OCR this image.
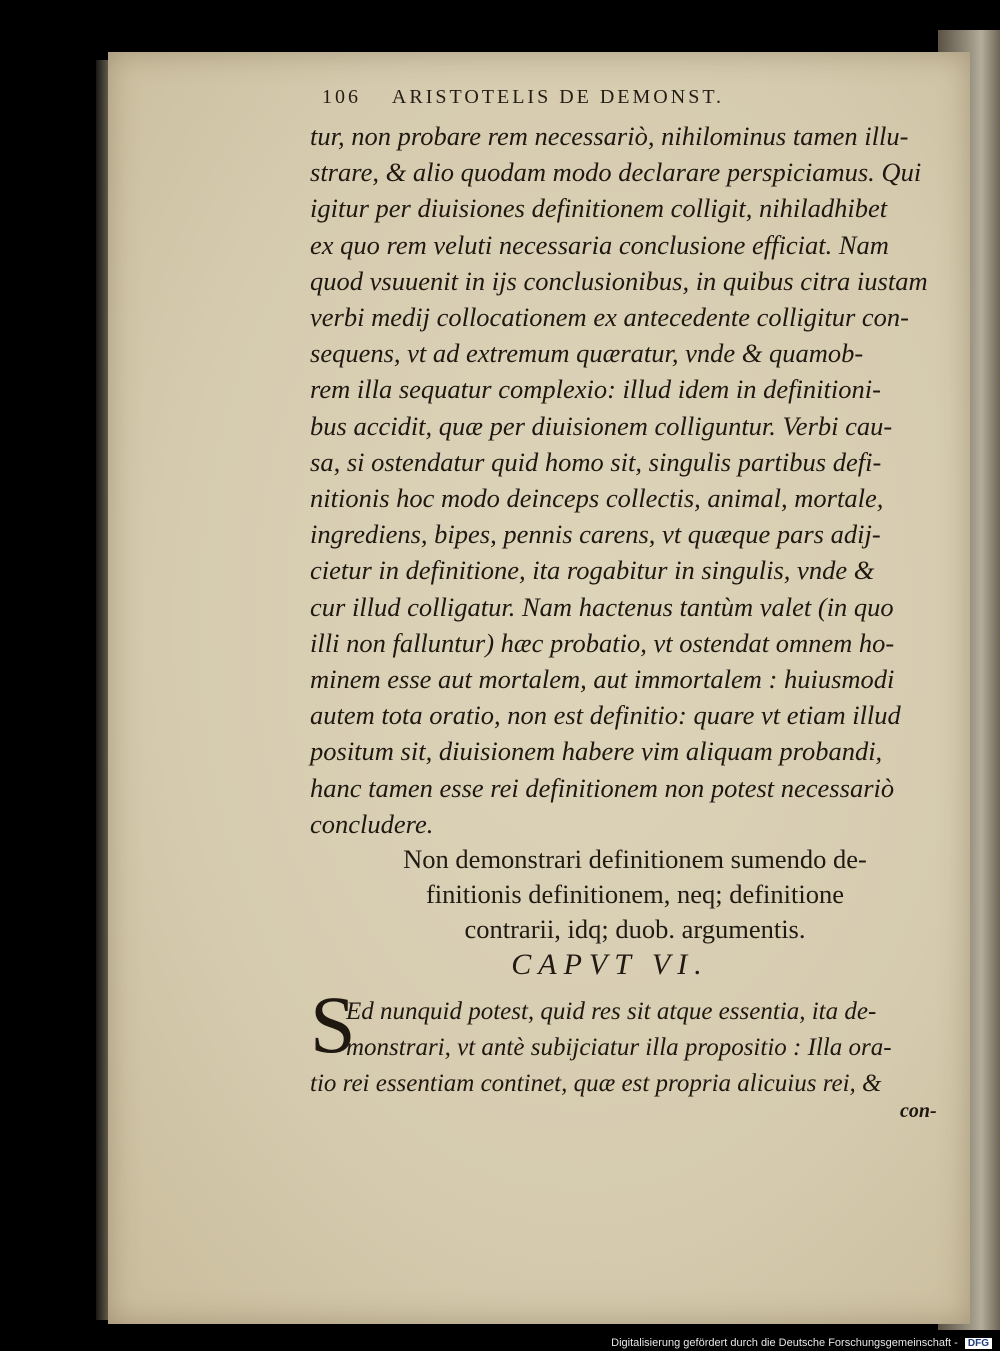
106 ARISTOTELIS DE DEMONST.
tur, non probare rem necessariò, nihilominus tamen illu-
strare, & alio quodam modo declarare perspiciamus. Qui
igitur per diuisiones definitionem colligit, nihiladhibet
ex quo rem veluti necessaria conclusione efficiat. Nam
quod vsuuenit in ijs conclusionibus, in quibus citra iustam
verbi medij collocationem ex antecedente colligitur con-
sequens, vt ad extremum quæratur, vnde & quamob-
rem illa sequatur complexio: illud idem in definitioni-
bus accidit, quæ per diuisionem colliguntur. Verbi cau-
sa, si ostendatur quid homo sit, singulis partibus defi-
nitionis hoc modo deinceps collectis, animal, mortale,
ingrediens, bipes, pennis carens, vt quæque pars adij-
cietur in definitione, ita rogabitur in singulis, vnde &
cur illud colligatur. Nam hactenus tantùm valet (in quo
illi non falluntur) hæc probatio, vt ostendat omnem ho-
minem esse aut mortalem, aut immortalem : huiusmodi
autem tota oratio, non est definitio: quare vt etiam illud
positum sit, diuisionem habere vim aliquam probandi,
hanc tamen esse rei definitionem non potest necessariò
concludere.
Non demonstrari definitionem sumendo de-
finitionis definitionem, neq; definitione
contrarii, idq; duob. argumentis.
CAPVT VI.
S
Ed nunquid potest, quid res sit atque essentia, ita de-
monstrari, vt antè subijciatur illa propositio : Illa ora-
tio rei essentiam continet, quæ est propria alicuius rei, &
con-
Digitalisierung gefördert durch die Deutsche Forschungsgemeinschaft - DFG
